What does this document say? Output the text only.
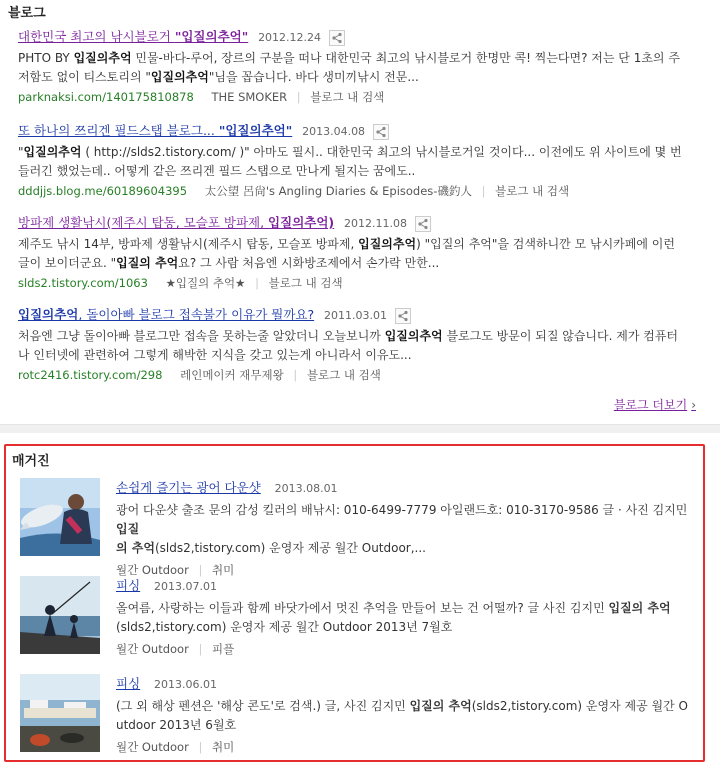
블로그
대한민국 최고의 낚시블로거 "입질의추억" 2012.12.24
PHTO BY 입질의추억 민물-바다-루어, 장르의 구분을 떠나 대한민국 최고의 낚시블로거 한명만 콕! 찍는다면? 저는 단 1초의 주
저함도 없이 티스토리의 "입질의추억"님을 꼽습니다. 바다 생미끼낚시 전문...
parknaksi.com/140175810878 THE SMOKER | 블로그 내 검색
또 하나의 쯔리겐 필드스탭 블로그... "입질의추억" 2013.04.08
"입질의추억 ( http://slds2.tistory.com/ )" 아마도 필시.. 대한민국 최고의 낚시블로거일 것이다... 이전에도 위 사이트에 몇 번
들러긴 했었는데.. 어떻게 같은 쯔리겐 필드 스탭으로 만나게 될지는 꿈에도..
dddjjs.blog.me/60189604395 太公望 呂尙's Angling Diaries & Episodes-磯釣人 | 블로그 내 검색
방파제 생활낚시(제주시 탑동, 모슬포 방파제, 입질의추억) 2012.11.08
제주도 낚시 14부, 방파제 생활낚시(제주시 탑동, 모슬포 방파제, 입질의추억) "입질의 추억"을 검색하니깐 모 낚시카페에 이런
글이 보이더군요. "입질의 추억요? 그 사람 처음엔 시화방조제에서 손가락 만한...
slds2.tistory.com/1063 ★입질의 추억★ | 블로그 내 검색
입질의추억, 돌이아빠 블로그 접속불가 이유가 뭘까요? 2011.03.01
처음엔 그냥 돌이아빠 블로그만 접속을 못하는줄 알았더니 오늘보니까 입질의추억 블로그도 방문이 되질 않습니다. 제가 컴퓨터
나 인터넷에 관련하여 그렇게 해박한 지식을 갖고 있는게 아니라서 이유도...
rotc2416.tistory.com/298 레인메이커 재무제왕 | 블로그 내 검색
블로그 더보기 ›
매거진
손쉽게 즐기는 광어 다운샷 2013.08.01
광어 다운샷 출조 문의 감성 킬러의 배낚시: 010-6499-7779 아일랜드호: 010-3170-9586 글 · 사진 김지민 입질
의 추억(slds2,tistory.com) 운영자 제공 월간 Outdoor,...
월간 Outdoor | 취미
피싱 2013.07.01
올여름, 사랑하는 이들과 함께 바닷가에서 멋진 추억을 만들어 보는 건 어떨까? 글 사진 김지민 입질의 추억
(slds2,tistory.com) 운영자 제공 월간 Outdoor 2013년 7월호
월간 Outdoor | 피플
피싱 2013.06.01
(그 외 해상 펜션은 '해상 콘도'로 검색.) 글, 사진 김지민 입질의 추억(slds2,tistory.com) 운영자 제공 월간 O
utdoor 2013년 6월호
월간 Outdoor | 취미
